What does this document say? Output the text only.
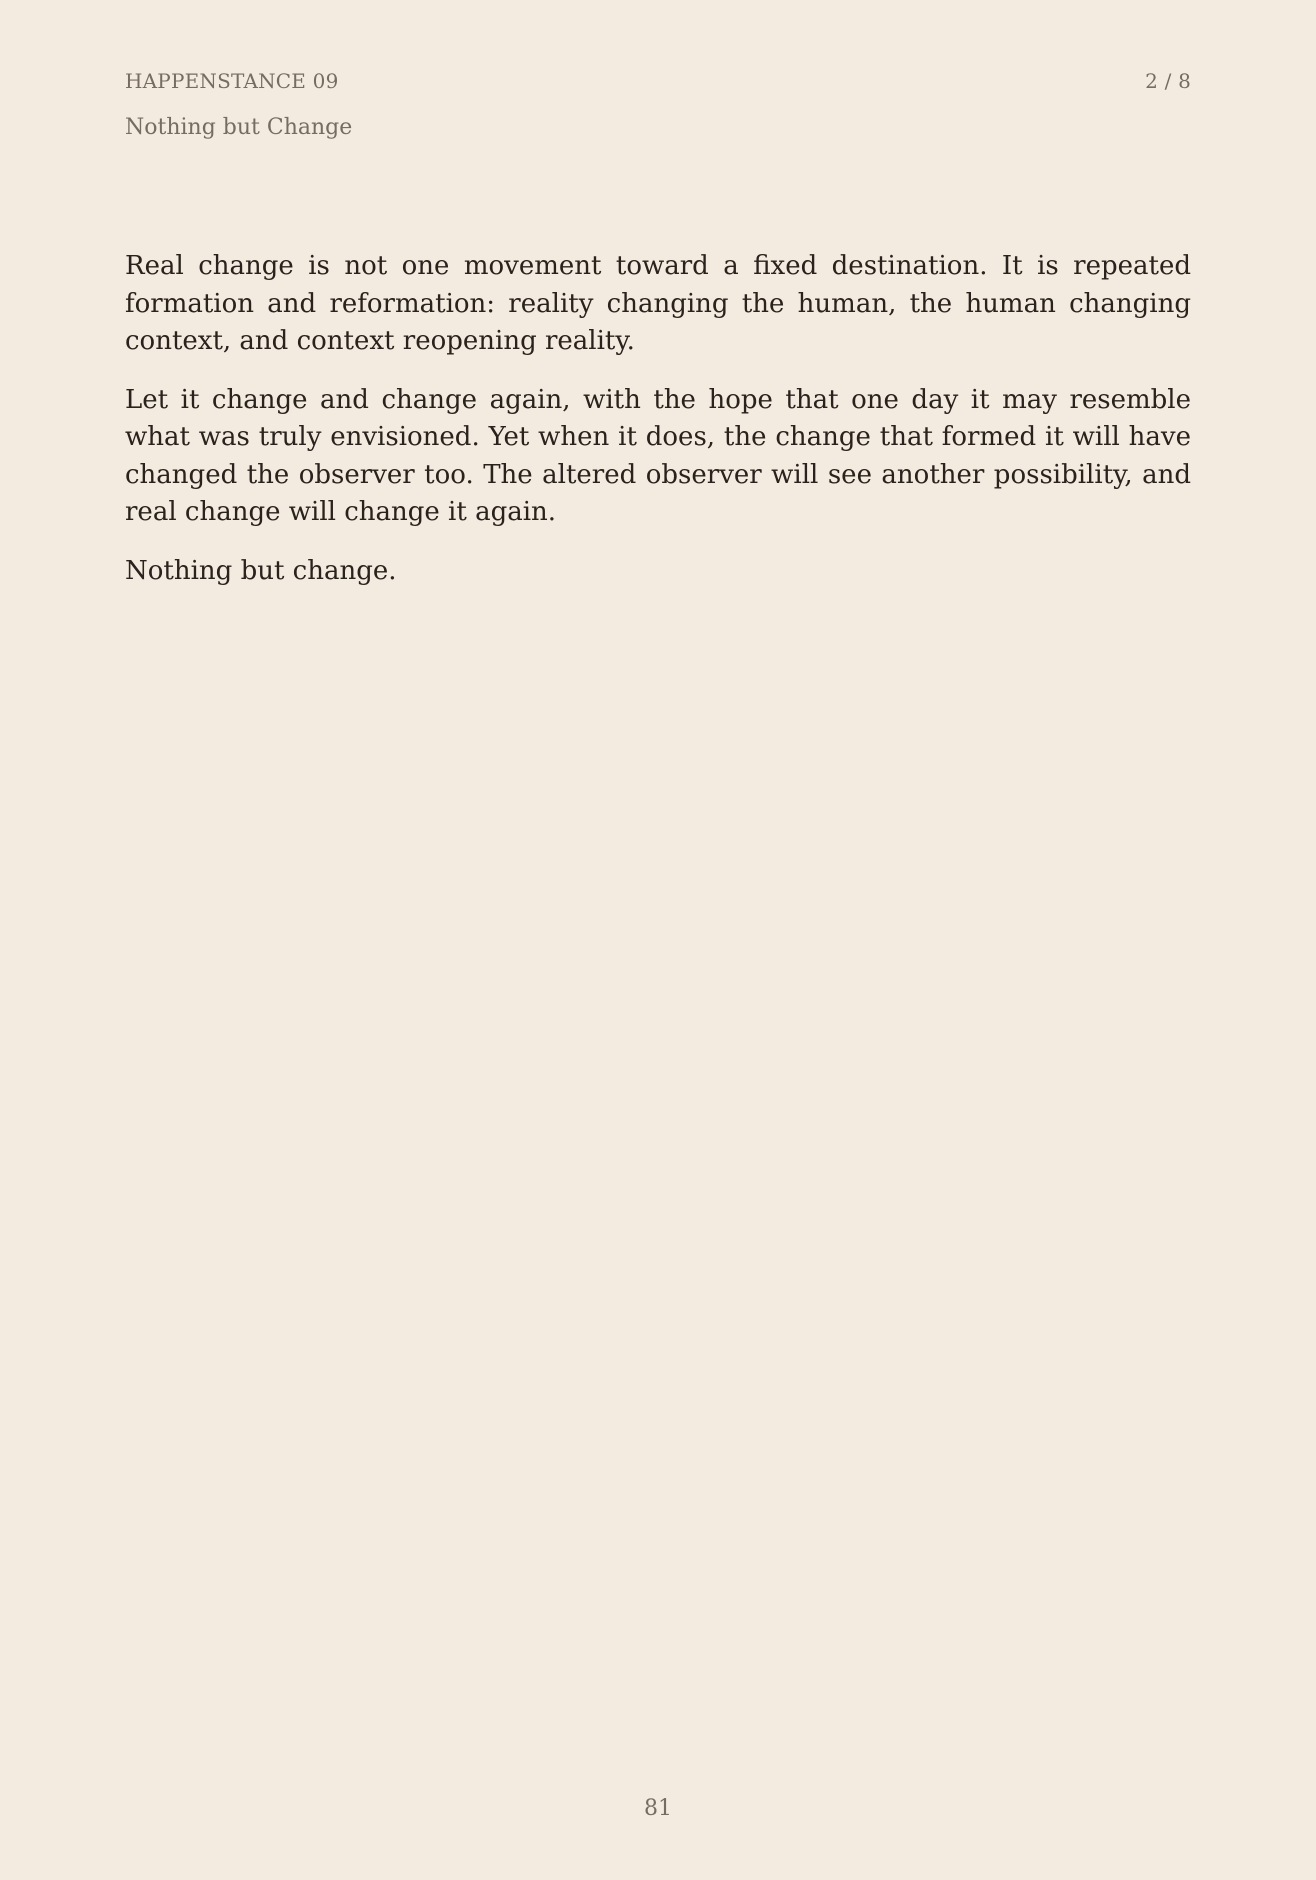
HAPPENSTANCE 09	2 / 8
Nothing but Change

Real change is not one movement toward a fixed destination. It is repeated formation and reformation: reality changing the human, the human changing context, and context reopening reality.

Let it change and change again, with the hope that one day it may resemble what was truly envisioned. Yet when it does, the change that formed it will have changed the observer too. The altered observer will see another possibility, and real change will change it again.

Nothing but change.

81
